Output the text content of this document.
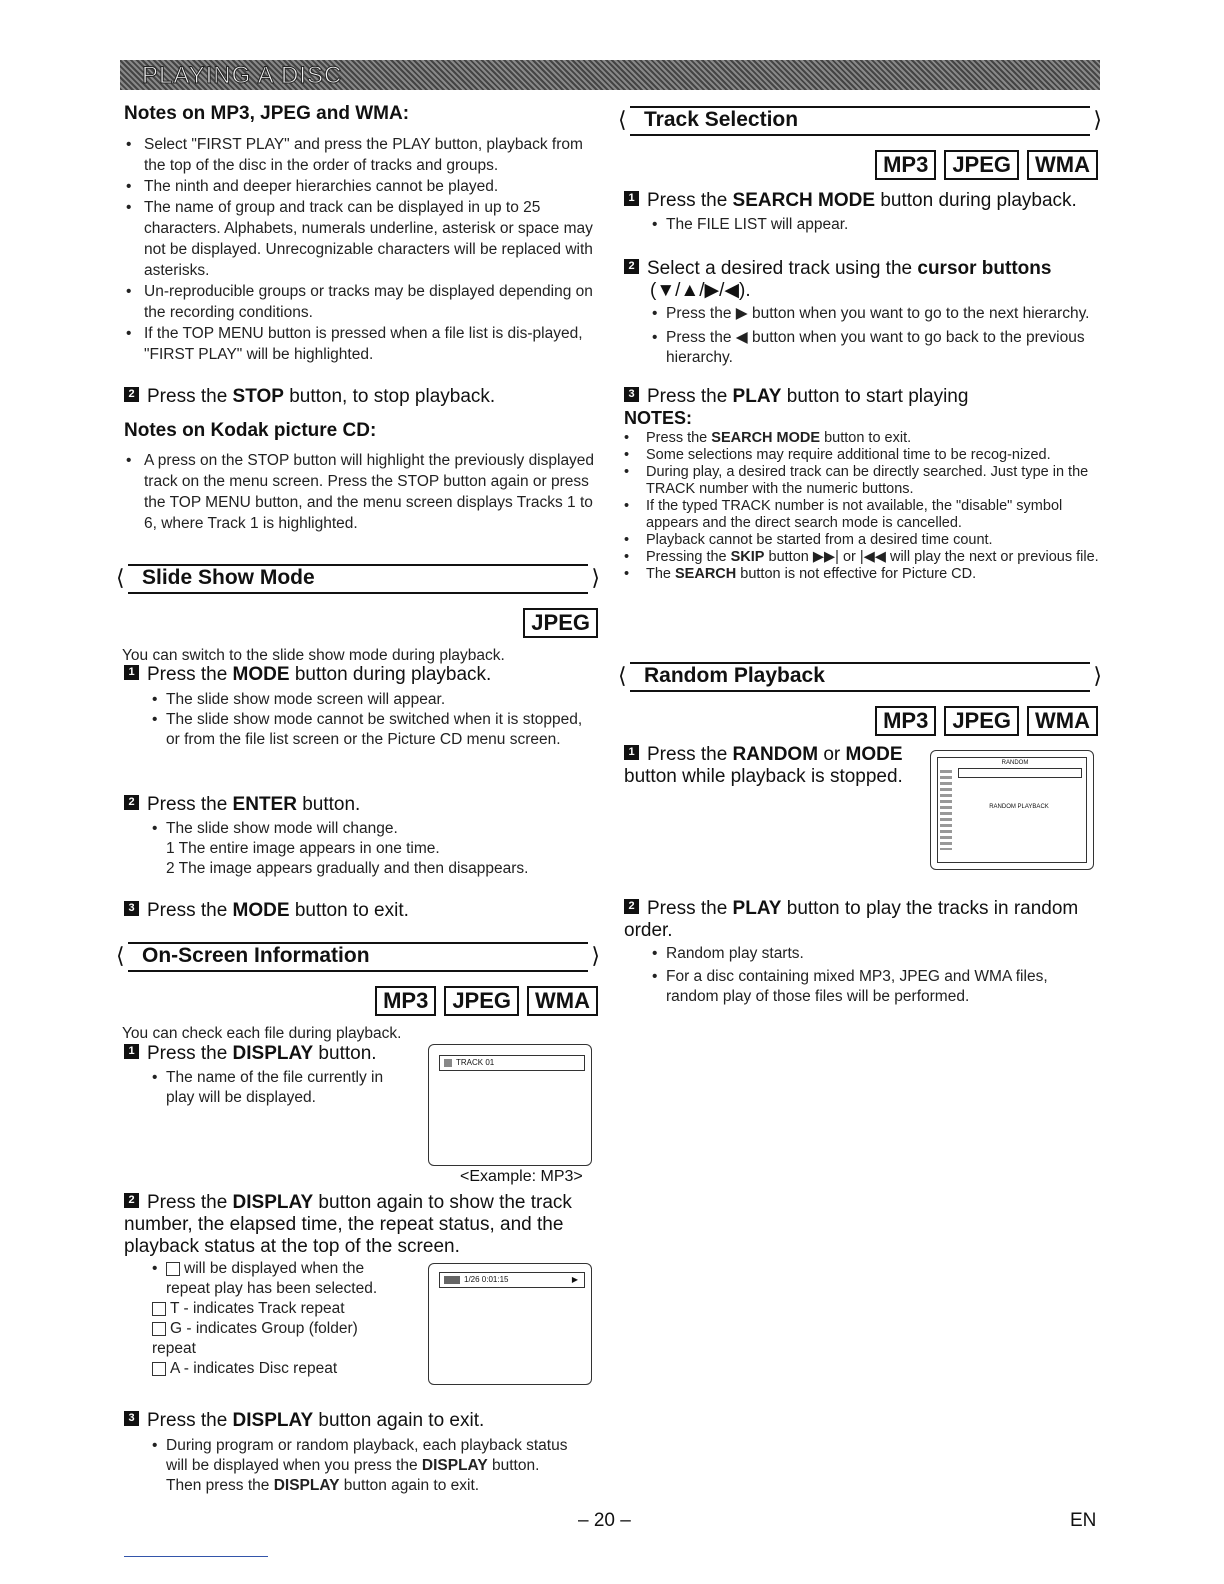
PLAYING A DISC
Notes on MP3, JPEG and WMA:
• Select "FIRST PLAY" and press the PLAY button, playback from the top of the disc in the order of tracks and groups.
• The ninth and deeper hierarchies cannot be played.
• The name of group and track can be displayed in up to 25 characters. Alphabets, numerals underline, asterisk or space may not be displayed. Unrecognizable characters will be replaced with asterisks.
• Un-reproducible groups or tracks may be displayed depending on the recording conditions.
• If the TOP MENU button is pressed when a file list is dis-played, "FIRST PLAY" will be highlighted.
2 Press the STOP button, to stop playback.
Notes on Kodak picture CD:
• A press on the STOP button will highlight the previously displayed track on the menu screen. Press the STOP button again or press the TOP MENU button, and the menu screen displays Tracks 1 to 6, where Track 1 is highlighted.
⟨	⟩
Slide Show Mode
JPEG
You can switch to the slide show mode during playback.
1 Press the MODE button during playback.
• The slide show mode screen will appear.
• The slide show mode cannot be switched when it is stopped, or from the file list screen or the Picture CD menu screen.
2 Press the ENTER button.
• The slide show mode will change.
1 The entire image appears in one time.
2 The image appears gradually and then disappears.
3 Press the MODE button to exit.
⟨	⟩
On-Screen Information
MP3 JPEG WMA
You can check each file during playback.
1 Press the DISPLAY button.
• The name of the file currently in play will be displayed.
TRACK 01
<Example: MP3>
2 Press the DISPLAY button again to show the track number, the elapsed time, the repeat status, and the playback status at the top of the screen.
• will be displayed when the repeat play has been selected.
T - indicates Track repeat
G - indicates Group (folder) repeat
A - indicates Disc repeat
1/26 0:01:15	▶
3 Press the DISPLAY button again to exit.
• During program or random playback, each playback status will be displayed when you press the DISPLAY button. Then press the DISPLAY button again to exit.
⟨	⟩
Track Selection
MP3 JPEG WMA
1 Press the SEARCH MODE button during playback.
• The FILE LIST will appear.
2 Select a desired track using the cursor buttons
(▼/▲/▶/◀).
• Press the ▶ button when you want to go to the next hierarchy.
• Press the ◀ button when you want to go back to the previous hierarchy.
3 Press the PLAY button to start playing
NOTES:
• Press the SEARCH MODE button to exit.
• Some selections may require additional time to be recog-nized.
• During play, a desired track can be directly searched. Just type in the TRACK number with the numeric buttons.
• If the typed TRACK number is not available, the "disable" symbol appears and the direct search mode is cancelled.
• Playback cannot be started from a desired time count.
• Pressing the SKIP button ▶▶| or |◀◀ will play the next or previous file.
• The SEARCH button is not effective for Picture CD.
⟨	⟩
Random Playback
MP3 JPEG WMA
1 Press the RANDOM or MODE button while playback is stopped.
RANDOM
RANDOM PLAYBACK
2 Press the PLAY button to play the tracks in random order.
• Random play starts.
• For a disc containing mixed MP3, JPEG and WMA files, random play of those files will be performed.
– 20 –	EN
